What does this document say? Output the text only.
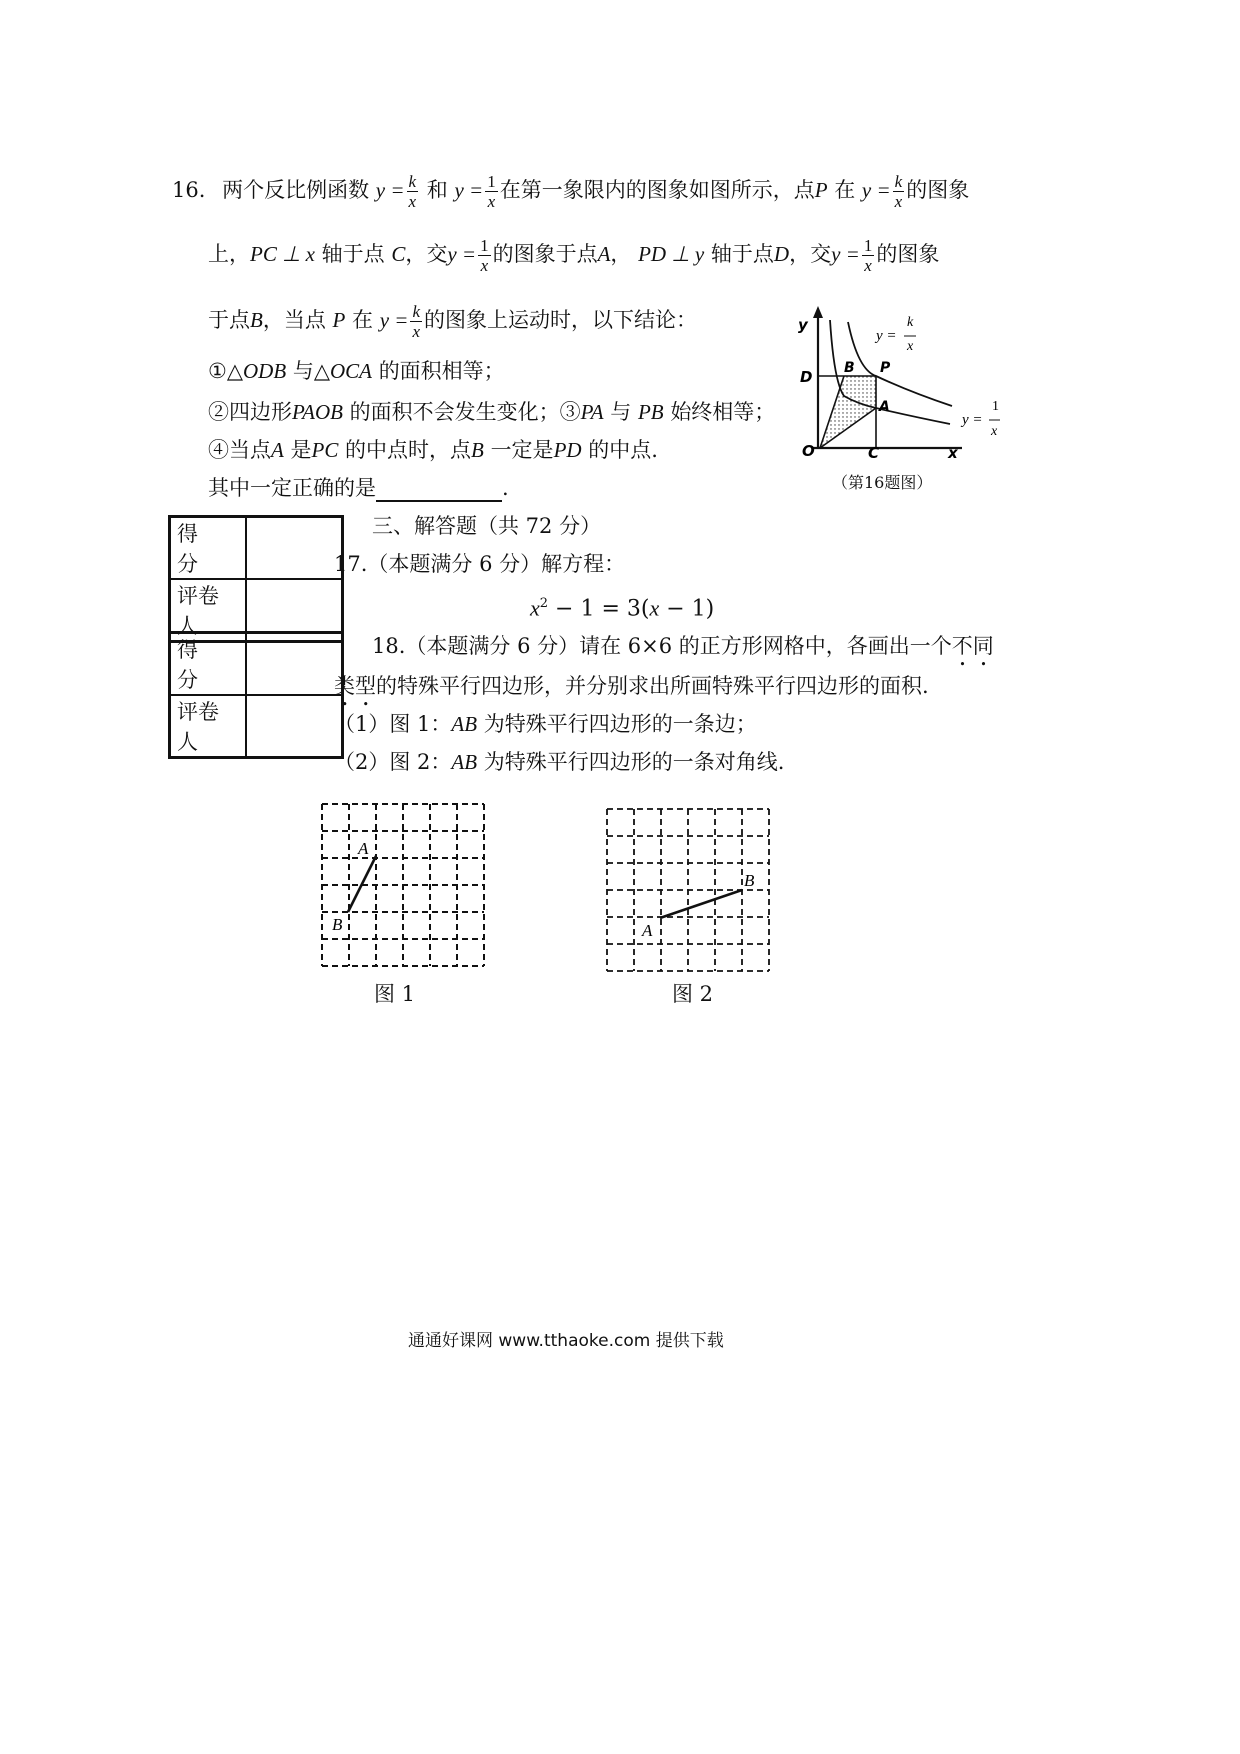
16. 两个反比例函数 $y = \frac{k}{x}$ 和 $y = \frac{1}{x}$ 在第一象限内的图象如图所示，点P 在 $y = \frac{k}{x}$ 的图象
上，PC ⊥ x 轴于点 C，交$y = \frac{1}{x}$ 的图象于点A， PD ⊥ y 轴于点D，交$y = \frac{1}{x}$ 的图象
于点B，当点 P 在 $y = \frac{k}{x}$ 的图象上运动时，以下结论：
①△ODB 与△OCA 的面积相等；
②四边形PAOB 的面积不会发生变化；③PA 与 PB 始终相等；
④当点A 是PC 的中点时，点B 一定是PD 的中点.
其中一定正确的是	.
y
x
O	C
D B P
A
y =
k
x
y =
1
x
（第16题图）
得　分	
评卷人	
三、解答题（共 72 分）
17.（本题满分 6 分）解方程：
$x^2 - 1 = 3(x - 1)$
得　分	
评卷人	
18.（本题满分 6 分）请在 6×6 的正方形网格中，各画出一个不同
类型的特殊平行四边形，并分别求出所画特殊平行四边形的面积.
（1）图 1：AB 为特殊平行四边形的一条边；
（2）图 2：AB 为特殊平行四边形的一条对角线.
A
B
图 1
B
A
图 2
通通好课网 www.tthaoke.com 提供下载
